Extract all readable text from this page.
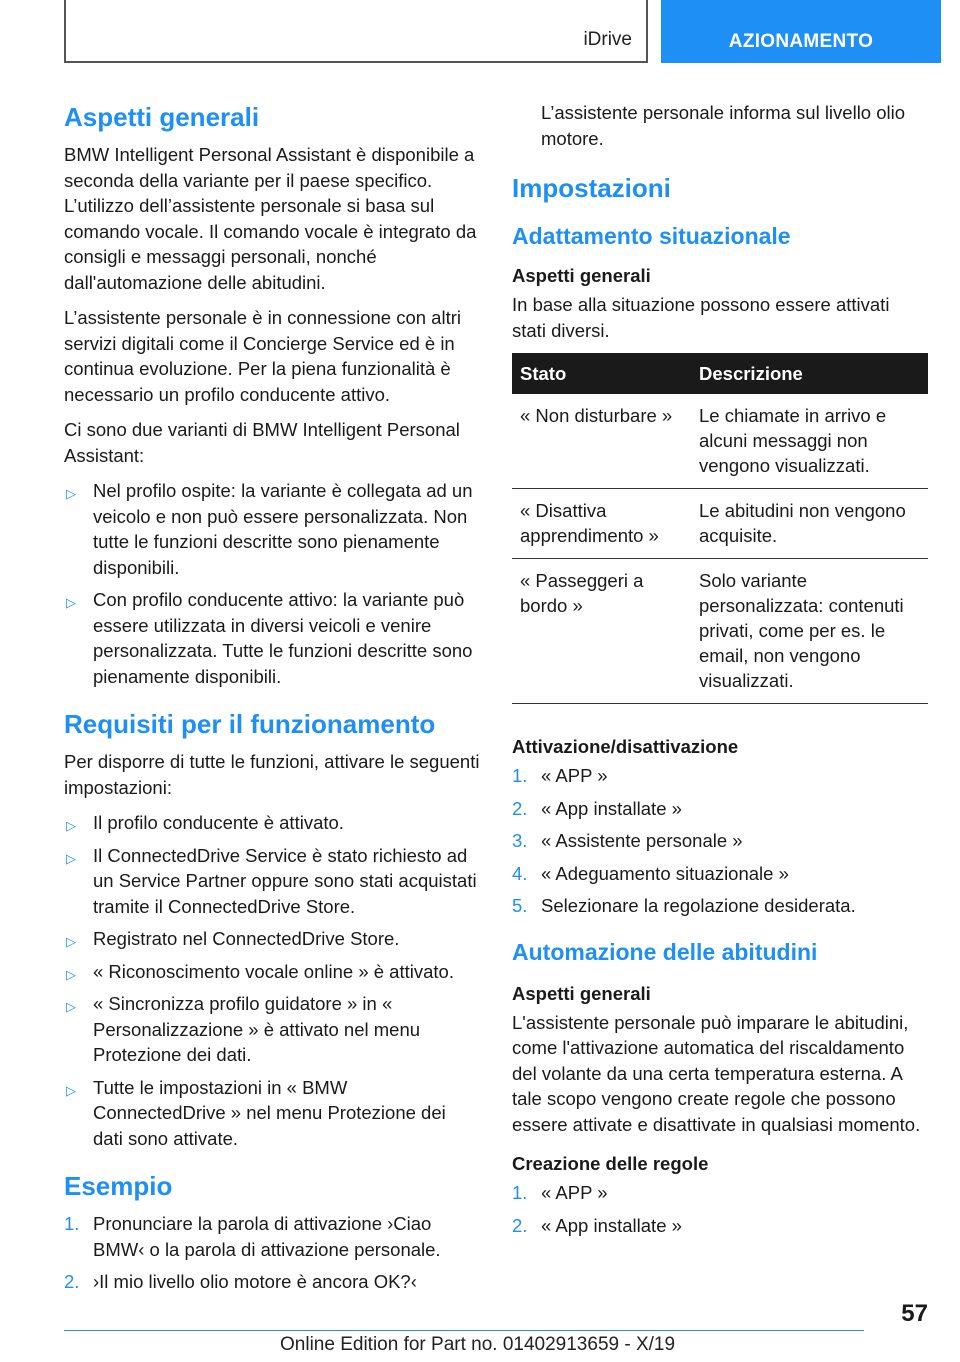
iDrive	AZIONAMENTO
Aspetti generali

BMW Intelligent Personal Assistant è disponibile a seconda della variante per il paese specifico. L’utilizzo dell’assistente personale si basa sul comando vocale. Il comando vocale è integrato da consigli e messaggi personali, nonché dall'automazione delle abitudini.

L’assistente personale è in connessione con altri servizi digitali come il Concierge Service ed è in continua evoluzione. Per la piena funzionalità è necessario un profilo conducente attivo.

Ci sono due varianti di BMW Intelligent Personal Assistant:

▷ Nel profilo ospite: la variante è collegata ad un veicolo e non può essere personalizzata. Non tutte le funzioni descritte sono pienamente disponibili.
▷ Con profilo conducente attivo: la variante può essere utilizzata in diversi veicoli e venire personalizzata. Tutte le funzioni descritte sono pienamente disponibili.
Requisiti per il funzionamento

Per disporre di tutte le funzioni, attivare le seguenti impostazioni:

▷ Il profilo conducente è attivato.
▷ Il ConnectedDrive Service è stato richiesto ad un Service Partner oppure sono stati acquistati tramite il ConnectedDrive Store.
▷ Registrato nel ConnectedDrive Store.
▷ « Riconoscimento vocale online » è attivato.
▷ « Sincronizza profilo guidatore » in « Personalizzazione » è attivato nel menu Protezione dei dati.
▷ Tutte le impostazioni in « BMW ConnectedDrive » nel menu Protezione dei dati sono attivate.
Esempio
1. Pronunciare la parola di attivazione ›Ciao BMW‹ o la parola di attivazione personale.
2. ›Il mio livello olio motore è ancora OK?‹

L’assistente personale informa sul livello olio motore.

Impostazioni
Adattamento situazionale
Aspetti generali

In base alla situazione possono essere attivati stati diversi.

Stato	Descrizione
« Non disturbare »	Le chiamate in arrivo e alcuni messaggi non vengono visualizzati.
« Disattiva apprendimento »	Le abitudini non vengono acquisite.
« Passeggeri a bordo »	Solo variante personalizzata: contenuti privati, come per es. le email, non vengono visualizzati.
Attivazione/disattivazione
1. « APP »
2. « App installate »
3. « Assistente personale »
4. « Adeguamento situazionale »
5. Selezionare la regolazione desiderata.
Automazione delle abitudini
Aspetti generali

L'assistente personale può imparare le abitudini, come l'attivazione automatica del riscaldamento del volante da una certa temperatura esterna. A tale scopo vengono create regole che possono essere attivate e disattivate in qualsiasi momento.

Creazione delle regole
1. « APP »
2. « App installate »
57
Online Edition for Part no. 01402913659 - X/19
